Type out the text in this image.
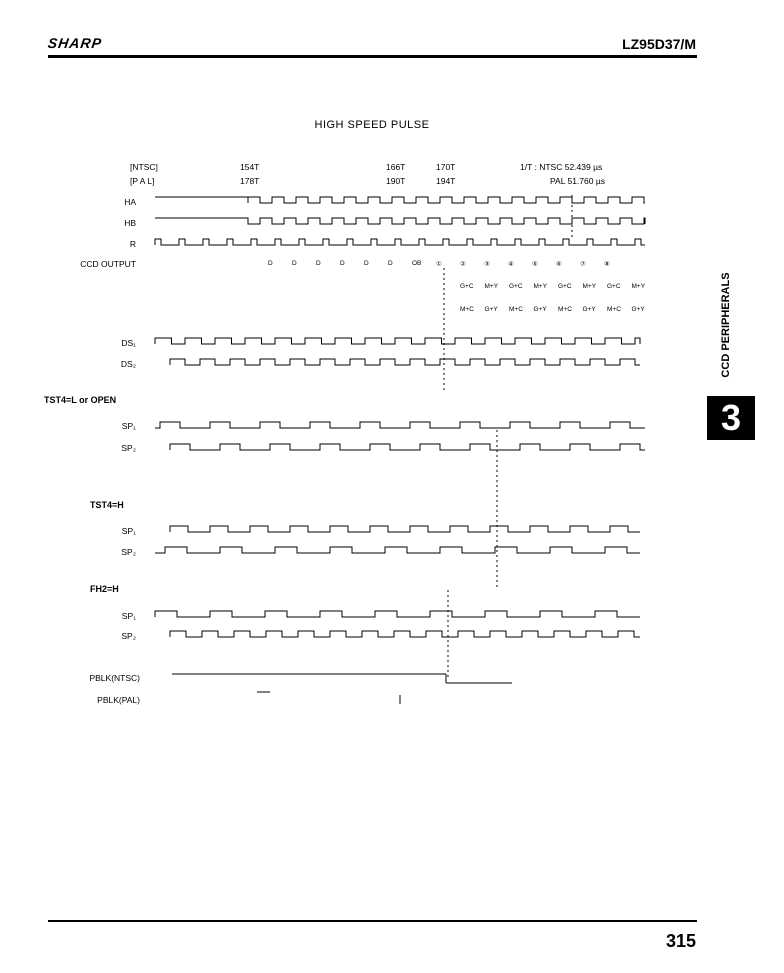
SHARP	LZ95D37/M
HIGH SPEED PULSE
[NTSC]
[P A L]
154T
178T
166T
190T
170T
194T
1/T : NTSC 52.439 µs
PAL 51.760 µs
HA
HB
R
CCD OUTPUT
DS₁
DS₂
TST4=L or OPEN
SP₁
SP₂
TST4=H
SP₁
SP₂
FH2=H
SP₁
SP₂
PBLK(NTSC)
PBLK(PAL)
D	D	D	D	D	D	OB ①	②	③	④	⑤	⑥	⑦	⑧
G+C M+Y G+C M+Y G+C M+Y G+C M+Y
M+C G+Y M+C G+Y M+C G+Y M+C G+Y	CCD PERIPHERALS
3
315
